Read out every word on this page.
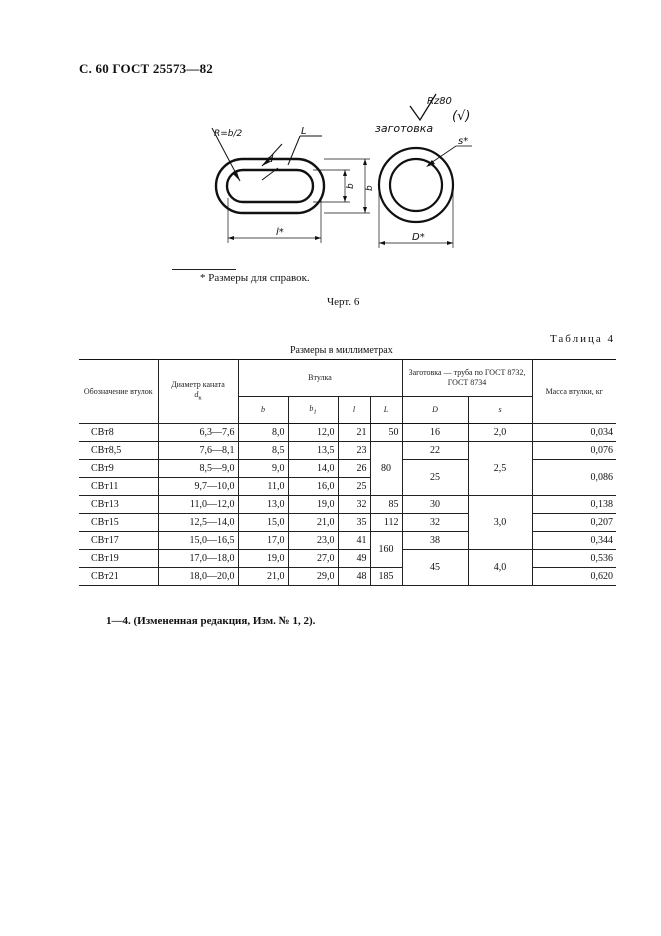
С. 60 ГОСТ 25573—82
R=b/2	L
d
b b
l*
Rz80
(√)
заготовка
s*
D*
* Размеры для справок.
Черт. 6
Таблица 4
Размеры в миллиметрах
Обозначение втулок	Диаметр каната
$d_к$	Втулка				Заготовка — труба по ГОСТ 8732, ГОСТ 8734		Масса втулки, кг
		b	$b_1$	l	L	D	s	
СВт8	6,3—7,6	8,0	12,0	21	50	16	2,0	0,034
СВт8,5	7,6—8,1	8,5	13,5	23	80	22	2,5	0,076
СВт9	8,5—9,0	9,0	14,0	26		25		0,086
СВт11	9,7—10,0	11,0	16,0	25				
СВт13	11,0—12,0	13,0	19,0	32	85	30	3,0	0,138
СВт15	12,5—14,0	15,0	21,0	35	112	32		0,207
СВт17	15,0—16,5	17,0	23,0	41	160	38		0,344
СВт19	17,0—18,0	19,0	27,0	49		45	4,0	0,536
СВт21	18,0—20,0	21,0	29,0	48	185			0,620
1—4. (Измененная редакция, Изм. № 1, 2).
